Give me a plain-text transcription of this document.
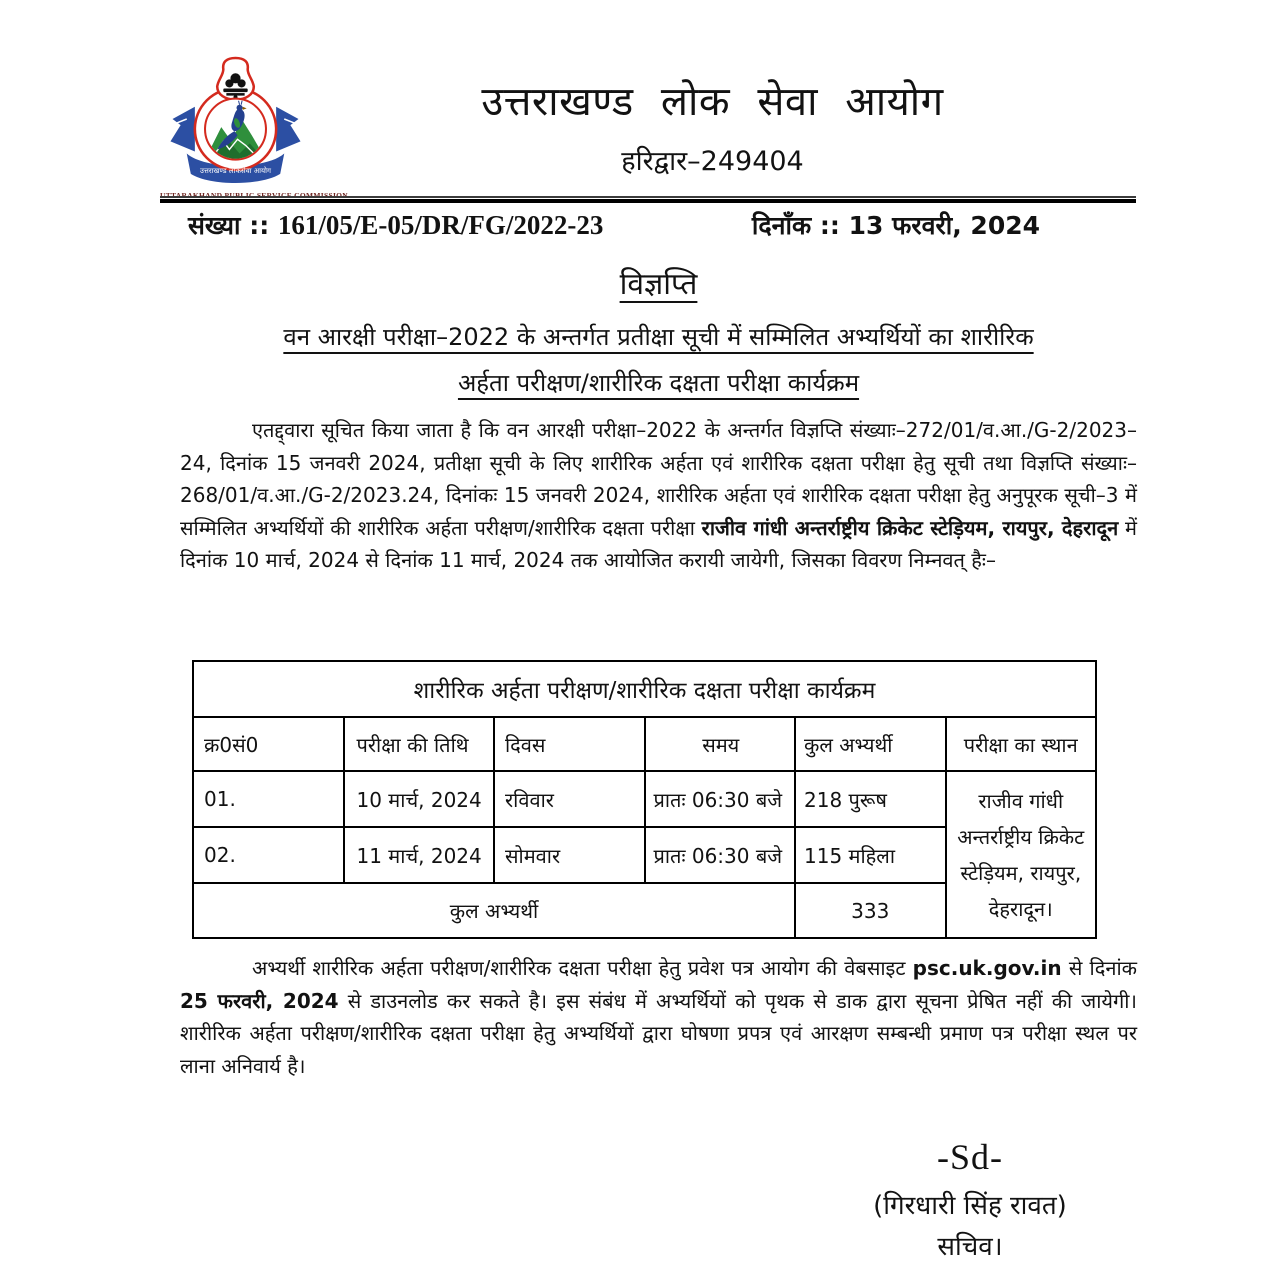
उत्तराखण्ड लोकसेवा आयोग
उत्तराखण्ड लोक सेवा आयोग
हरिद्वार–249404
संख्या :: 161/05/E-05/DR/FG/2022-23	दिनाँक :: 13 फरवरी, 2024
विज्ञप्ति
वन आरक्षी परीक्षा–2022 के अन्तर्गत प्रतीक्षा सूची में सम्मिलित अभ्यर्थियों का शारीरिक
अर्हता परीक्षण/शारीरिक दक्षता परीक्षा कार्यक्रम

एतद्द्वारा सूचित किया जाता है कि वन आरक्षी परीक्षा–2022 के अन्तर्गत विज्ञप्ति संख्याः–272/01/व.आ./G-2/2023–24, दिनांक 15 जनवरी 2024, प्रतीक्षा सूची के लिए शारीरिक अर्हता एवं शारीरिक दक्षता परीक्षा हेतु सूची तथा विज्ञप्ति संख्याः–268/01/व.आ./G-2/2023.24, दिनांकः 15 जनवरी 2024, शारीरिक अर्हता एवं शारीरिक दक्षता परीक्षा हेतु अनुपूरक सूची–3 में सम्मिलित अभ्यर्थियों की शारीरिक अर्हता परीक्षण/शारीरिक दक्षता परीक्षा राजीव गांधी अन्तर्राष्ट्रीय क्रिकेट स्टेड़ियम, रायपुर, देहरादून में दिनांक 10 मार्च, 2024 से दिनांक 11 मार्च, 2024 तक आयोजित करायी जायेगी, जिसका विवरण निम्नवत् हैः–

शारीरिक अर्हता परीक्षण/शारीरिक दक्षता परीक्षा कार्यक्रम					
क्र0सं0	परीक्षा की तिथि	दिवस	समय	कुल अभ्यर्थी	परीक्षा का स्थान
01.	10 मार्च, 2024	रविवार	प्रातः 06:30 बजे	218 पुरूष	राजीव गांधी अन्तर्राष्ट्रीय क्रिकेट स्टेड़ियम, रायपुर, देहरादून।
02.	11 मार्च, 2024	सोमवार	प्रातः 06:30 बजे	115 महिला	
कुल अभ्यर्थी				333	

अभ्यर्थी शारीरिक अर्हता परीक्षण/शारीरिक दक्षता परीक्षा हेतु प्रवेश पत्र आयोग की वेबसाइट psc.uk.gov.in से दिनांक 25 फरवरी, 2024 से डाउनलोड कर सकते है। इस संबंध में अभ्यर्थियों को पृथक से डाक द्वारा सूचना प्रेषित नहीं की जायेगी। शारीरिक अर्हता परीक्षण/शारीरिक दक्षता परीक्षा हेतु अभ्यर्थियों द्वारा घोषणा प्रपत्र एवं आरक्षण सम्बन्धी प्रमाण पत्र परीक्षा स्थल पर लाना अनिवार्य है।

-Sd-
(गिरधारी सिंह रावत)
सचिव।
